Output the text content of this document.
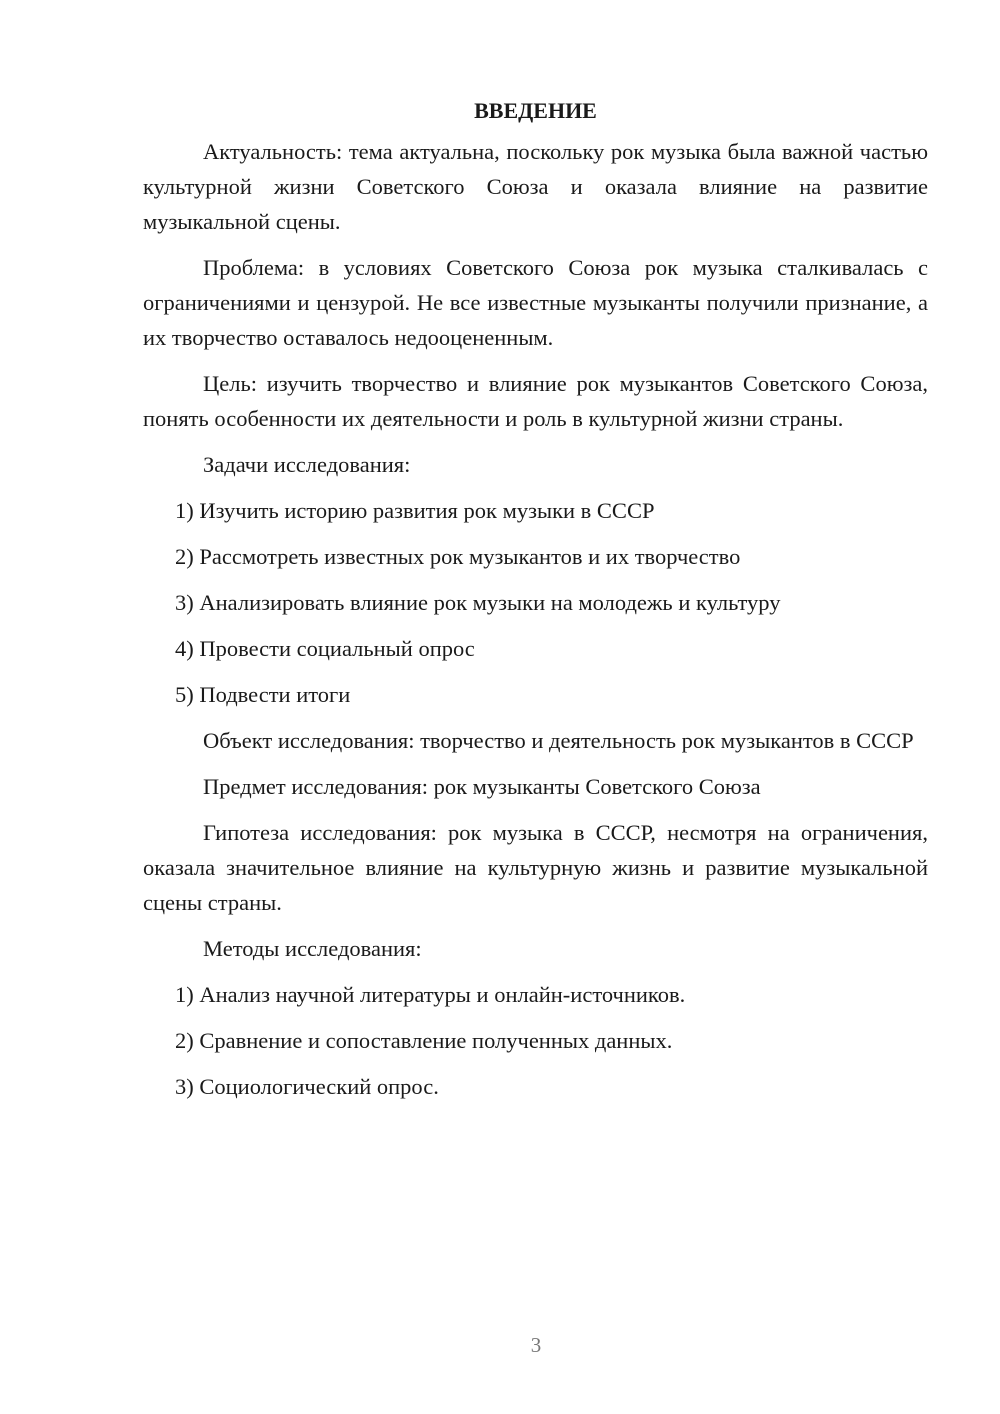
ВВЕДЕНИЕ

Актуальность: тема актуальна, поскольку рок музыка была важной частью культурной жизни Советского Союза и оказала влияние на развитие музыкальной сцены.

Проблема: в условиях Советского Союза рок музыка сталкивалась с ограничениями и цензурой. Не все известные музыканты получили признание, а их творчество оставалось недооцененным.

Цель: изучить творчество и влияние рок музыкантов Советского Союза, понять особенности их деятельности и роль в культурной жизни страны.

Задачи исследования:

1) Изучить историю развития рок музыки в СССР
2) Рассмотреть известных рок музыкантов и их творчество
3) Анализировать влияние рок музыки на молодежь и культуру
4) Провести социальный опрос
5) Подвести итоги

Объект исследования: творчество и деятельность рок музыкантов в СССР

Предмет исследования: рок музыканты Советского Союза

Гипотеза исследования: рок музыка в СССР, несмотря на ограничения, оказала значительное влияние на культурную жизнь и развитие музыкальной сцены страны.

Методы исследования:

1) Анализ научной литературы и онлайн-источников.
2) Сравнение и сопоставление полученных данных.
3) Социологический опрос.
3
